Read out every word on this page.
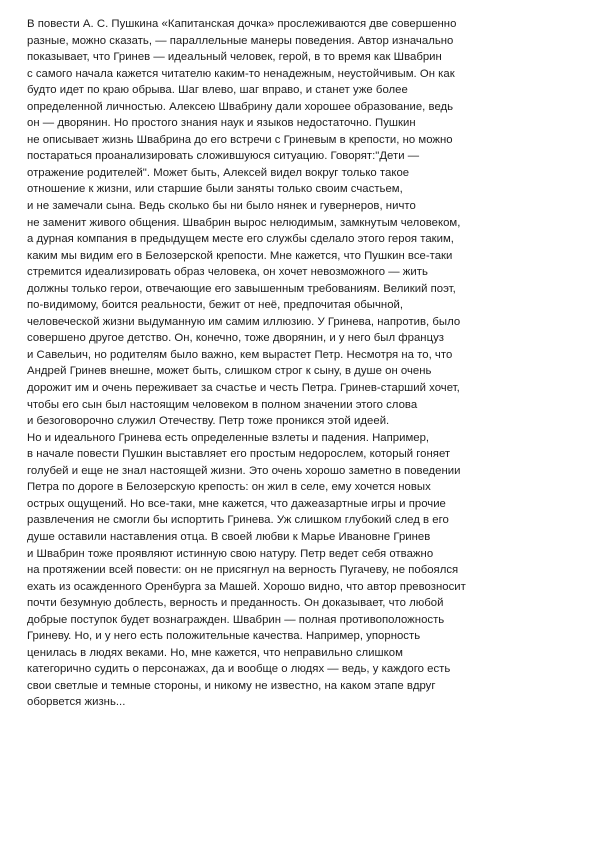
В повести А. С. Пушкина «Капитанская дочка» прослеживаются две совершенно
разные, можно сказать, — параллельные манеры поведения. Автор изначально
показывает, что Гринев — идеальный человек, герой, в то время как Швабрин
с самого начала кажется читателю каким-то ненадежным, неустойчивым. Он как
будто идет по краю обрыва. Шаг влево, шаг вправо, и станет уже более
определенной личностью. Алексею Швабрину дали хорошее образование, ведь
он — дворянин. Но простого знания наук и языков недостаточно. Пушкин
не описывает жизнь Швабрина до его встречи с Гриневым в крепости, но можно
постараться проанализировать сложившуюся ситуацию. Говорят:"Дети —
отражение родителей". Может быть, Алексей видел вокруг только такое
отношение к жизни, или старшие были заняты только своим счастьем,
и не замечали сына. Ведь сколько бы ни было нянек и гувернеров, ничто
не заменит живого общения. Швабрин вырос нелюдимым, замкнутым человеком,
а дурная компания в предыдущем месте его службы сделало этого героя таким,
каким мы видим его в Белозерской крепости. Мне кажется, что Пушкин все-таки
стремится идеализировать образ человека, он хочет невозможного — жить
должны только герои, отвечающие его завышенным требованиям. Великий поэт,
по-видимому, боится реальности, бежит от неё, предпочитая обычной,
человеческой жизни выдуманную им самим иллюзию. У Гринева, напротив, было
совершено другое детство. Он, конечно, тоже дворянин, и у него был француз
и Савельич, но родителям было важно, кем вырастет Петр. Несмотря на то, что
Андрей Гринев внешне, может быть, слишком строг к сыну, в душе он очень
дорожит им и очень переживает за счастье и честь Петра. Гринев-старший хочет,
чтобы его сын был настоящим человеком в полном значении этого слова
и безоговорочно служил Отечеству. Петр тоже проникся этой идеей.
Но и идеального Гринева есть определенные взлеты и падения. Например,
в начале повести Пушкин выставляет его простым недорослем, который гоняет
голубей и еще не знал настоящей жизни. Это очень хорошо заметно в поведении
Петра по дороге в Белозерскую крепость: он жил в селе, ему хочется новых
острых ощущений. Но все-таки, мне кажется, что дажеазартные игры и прочие
развлечения не смогли бы испортить Гринева. Уж слишком глубокий след в его
душе оставили наставления отца. В своей любви к Марье Ивановне Гринев
и Швабрин тоже проявляют истинную свою натуру. Петр ведет себя отважно
на протяжении всей повести: он не присягнул на верность Пугачеву, не побоялся
ехать из осажденного Оренбурга за Машей. Хорошо видно, что автор превозносит
почти безумную доблесть, верность и преданность. Он доказывает, что любой
добрые поступок будет вознагражден. Швабрин — полная противоположность
Гриневу. Но, и у него есть положительные качества. Например, упорность
ценилась в людях веками. Но, мне кажется, что неправильно слишком
категорично судить о персонажах, да и вообще о людях — ведь, у каждого есть
свои светлые и темные стороны, и никому не известно, на каком этапе вдруг
оборвется жизнь...
